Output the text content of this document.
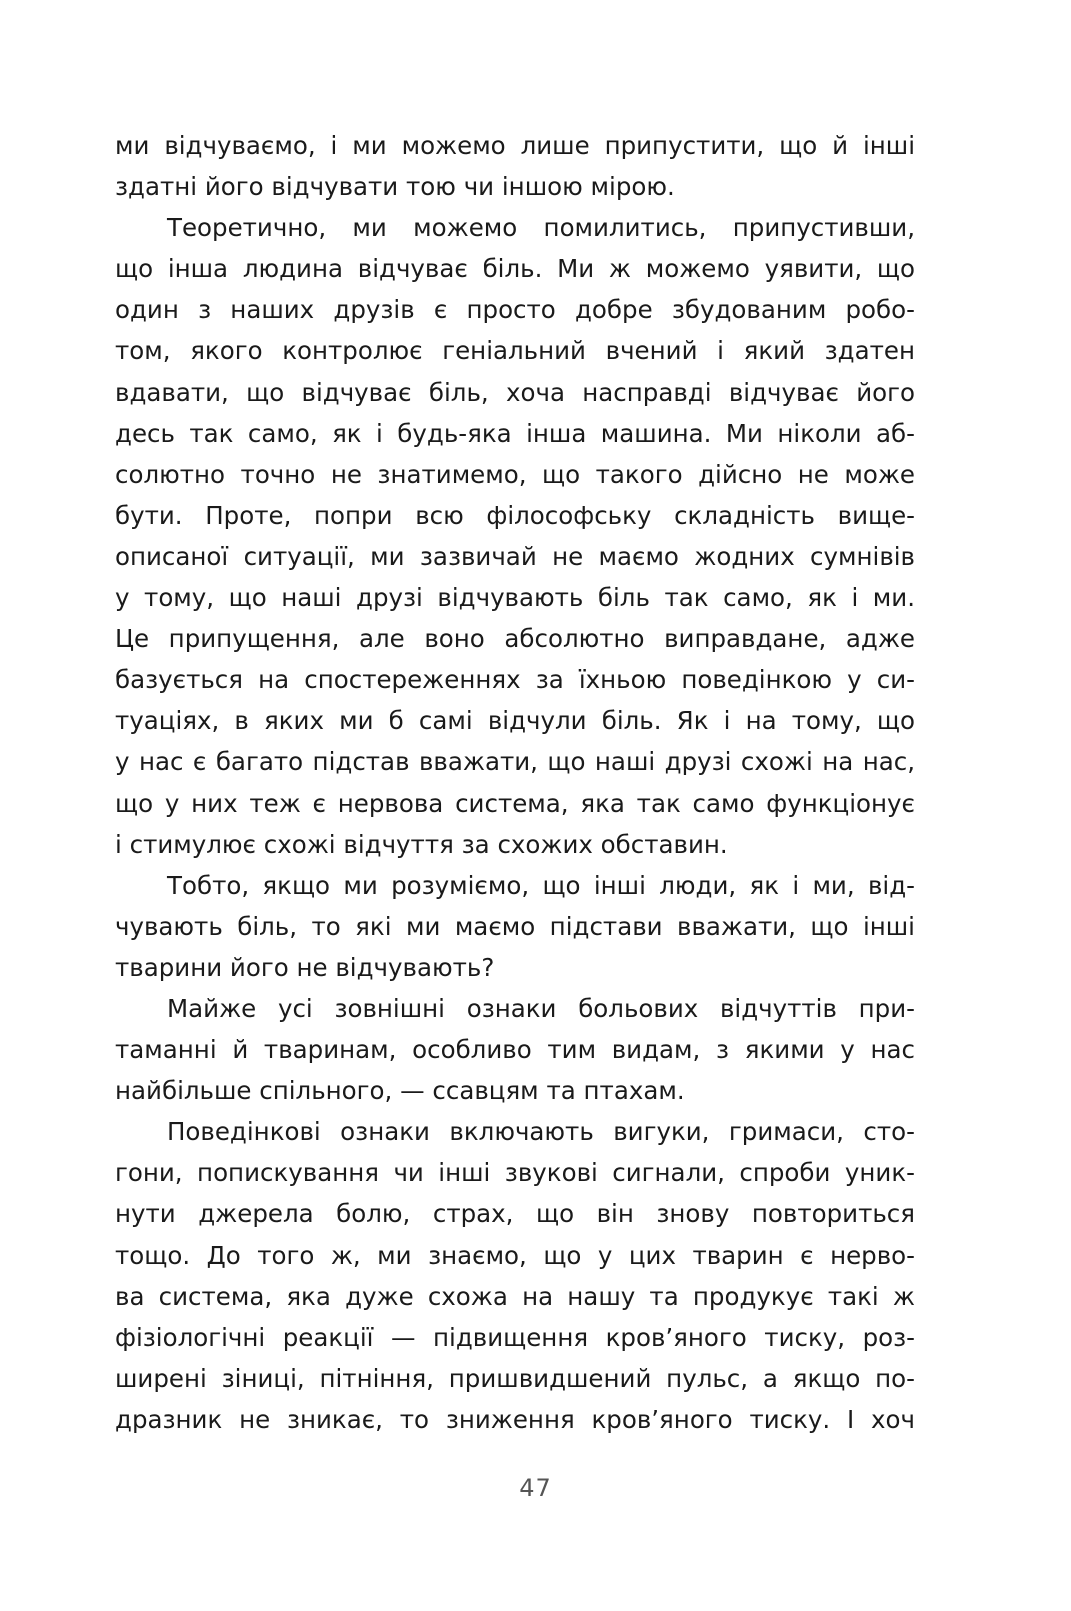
ми відчуваємо, і ми можемо лише припустити, що й інші
здатні його відчувати тою чи іншою мірою.

Теоретично, ми можемо помилитись, припустивши,
що інша людина відчуває біль. Ми ж можемо уявити, що
один з наших друзів є просто добре збудованим робо-
том, якого контролює геніальний вчений і який здатен
вдавати, що відчуває біль, хоча насправді відчуває його
десь так само, як і будь-яка інша машина. Ми ніколи аб-
солютно точно не знатимемо, що такого дійсно не може
бути. Проте, попри всю філософську складність вище-
описаної ситуації, ми зазвичай не маємо жодних сумнівів
у тому, що наші друзі відчувають біль так само, як і ми.
Це припущення, але воно абсолютно виправдане, адже
базується на спостереженнях за їхньою поведінкою у си-
туаціях, в яких ми б самі відчули біль. Як і на тому, що
у нас є багато підстав вважати, що наші друзі схожі на нас,
що у них теж є нервова система, яка так само функціонує
і стимулює схожі відчуття за схожих обставин.

Тобто, якщо ми розуміємо, що інші люди, як і ми, від-
чувають біль, то які ми маємо підстави вважати, що інші
тварини його не відчувають?

Майже усі зовнішні ознаки больових відчуттів при-
таманні й тваринам, особливо тим видам, з якими у нас
найбільше спільного, — ссавцям та птахам.

Поведінкові ознаки включають вигуки, гримаси, сто-
гони, попискування чи інші звукові сигнали, спроби уник-
нути джерела болю, страх, що він знову повториться
тощо. До того ж, ми знаємо, що у цих тварин є нерво-
ва система, яка дуже схожа на нашу та продукує такі ж
фізіологічні реакції — підвищення кров’яного тиску, роз-
ширені зіниці, пітніння, пришвидшений пульс, а якщо по-
дразник не зникає, то зниження кров’яного тиску. І хоч

47
